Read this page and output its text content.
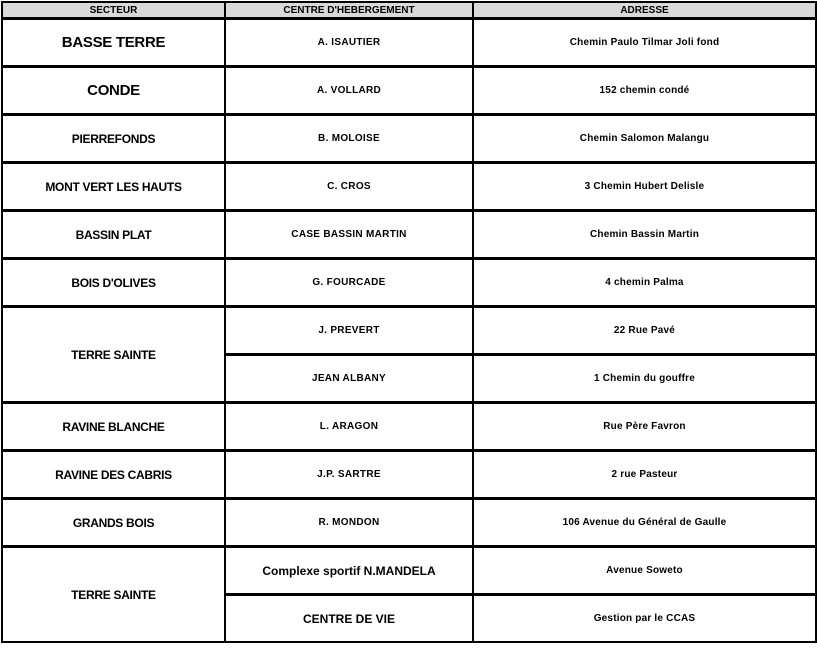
SECTEUR	CENTRE D'HEBERGEMENT	ADRESSE
BASSE TERRE	A. ISAUTIER	Chemin Paulo Tilmar Joli fond
CONDE	A. VOLLARD	152 chemin condé
PIERREFONDS	B. MOLOISE	Chemin Salomon Malangu
MONT VERT LES HAUTS	C. CROS	3 Chemin Hubert Delisle
BASSIN PLAT	CASE BASSIN MARTIN	Chemin Bassin Martin
BOIS D'OLIVES	G. FOURCADE	4 chemin Palma
TERRE SAINTE	J. PREVERT	22 Rue Pavé
	JEAN ALBANY	1 Chemin du gouffre
RAVINE BLANCHE	L. ARAGON	Rue Père Favron
RAVINE DES CABRIS	J.P. SARTRE	2 rue Pasteur
GRANDS BOIS	R. MONDON	106 Avenue du Général de Gaulle
TERRE SAINTE	Complexe sportif N.MANDELA	Avenue Soweto
	CENTRE DE VIE	Gestion par le CCAS
